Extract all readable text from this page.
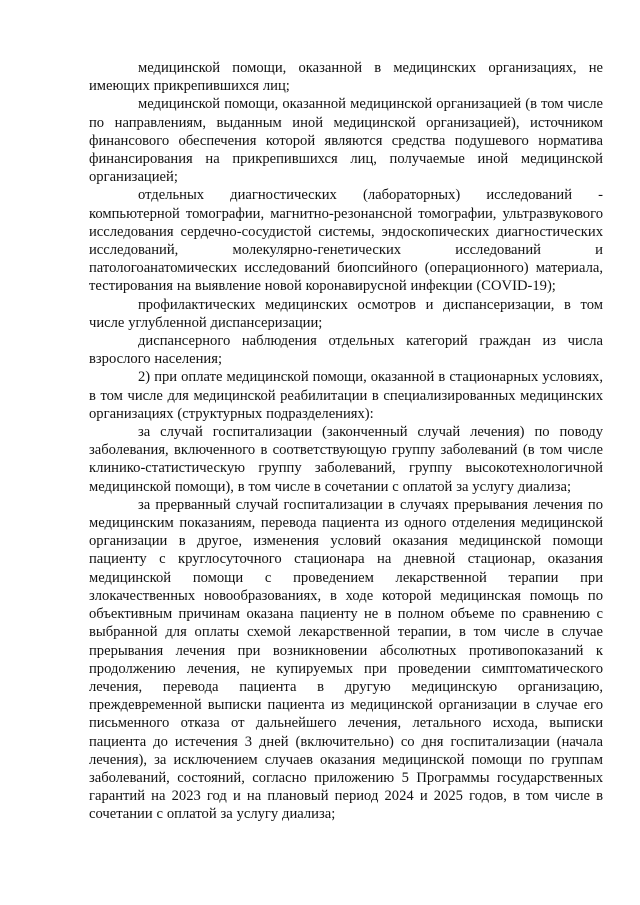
медицинской помощи, оказанной в медицинских организациях, не имеющих прикрепившихся лиц;

медицинской помощи, оказанной медицинской организацией (в том числе по направлениям, выданным иной медицинской организацией), источником финансового обеспечения которой являются средства подушевого норматива финансирования на прикрепившихся лиц, получаемые иной медицинской организацией;

отдельных диагностических (лабораторных) исследований - компьютерной томографии, магнитно-резонансной томографии, ультразвукового исследования сердечно-сосудистой системы, эндоскопических диагностических исследований, молекулярно-генетических исследований и патологоанатомических исследований биопсийного (операционного) материала, тестирования на выявление новой коронавирусной инфекции (COVID-19);

профилактических медицинских осмотров и диспансеризации, в том числе углубленной диспансеризации;

диспансерного наблюдения отдельных категорий граждан из числа взрослого населения;

2) при оплате медицинской помощи, оказанной в стационарных условиях, в том числе для медицинской реабилитации в специализированных медицинских организациях (структурных подразделениях):

за случай госпитализации (законченный случай лечения) по поводу заболевания, включенного в соответствующую группу заболеваний (в том числе клинико-статистическую группу заболеваний, группу высокотехнологичной медицинской помощи), в том числе в сочетании с оплатой за услугу диализа;

за прерванный случай госпитализации в случаях прерывания лечения по медицинским показаниям, перевода пациента из одного отделения медицинской организации в другое, изменения условий оказания медицинской помощи пациенту с круглосуточного стационара на дневной стационар, оказания медицинской помощи с проведением лекарственной терапии при злокачественных новообразованиях, в ходе которой медицинская помощь по объективным причинам оказана пациенту не в полном объеме по сравнению с выбранной для оплаты схемой лекарственной терапии, в том числе в случае прерывания лечения при возникновении абсолютных противопоказаний к продолжению лечения, не купируемых при проведении симптоматического лечения, перевода пациента в другую медицинскую организацию, преждевременной выписки пациента из медицинской организации в случае его письменного отказа от дальнейшего лечения, летального исхода, выписки пациента до истечения 3 дней (включительно) со дня госпитализации (начала лечения), за исключением случаев оказания медицинской помощи по группам заболеваний, состояний, согласно приложению 5 Программы государственных гарантий на 2023 год и на плановый период 2024 и 2025 годов, в том числе в сочетании с оплатой за услугу диализа;
